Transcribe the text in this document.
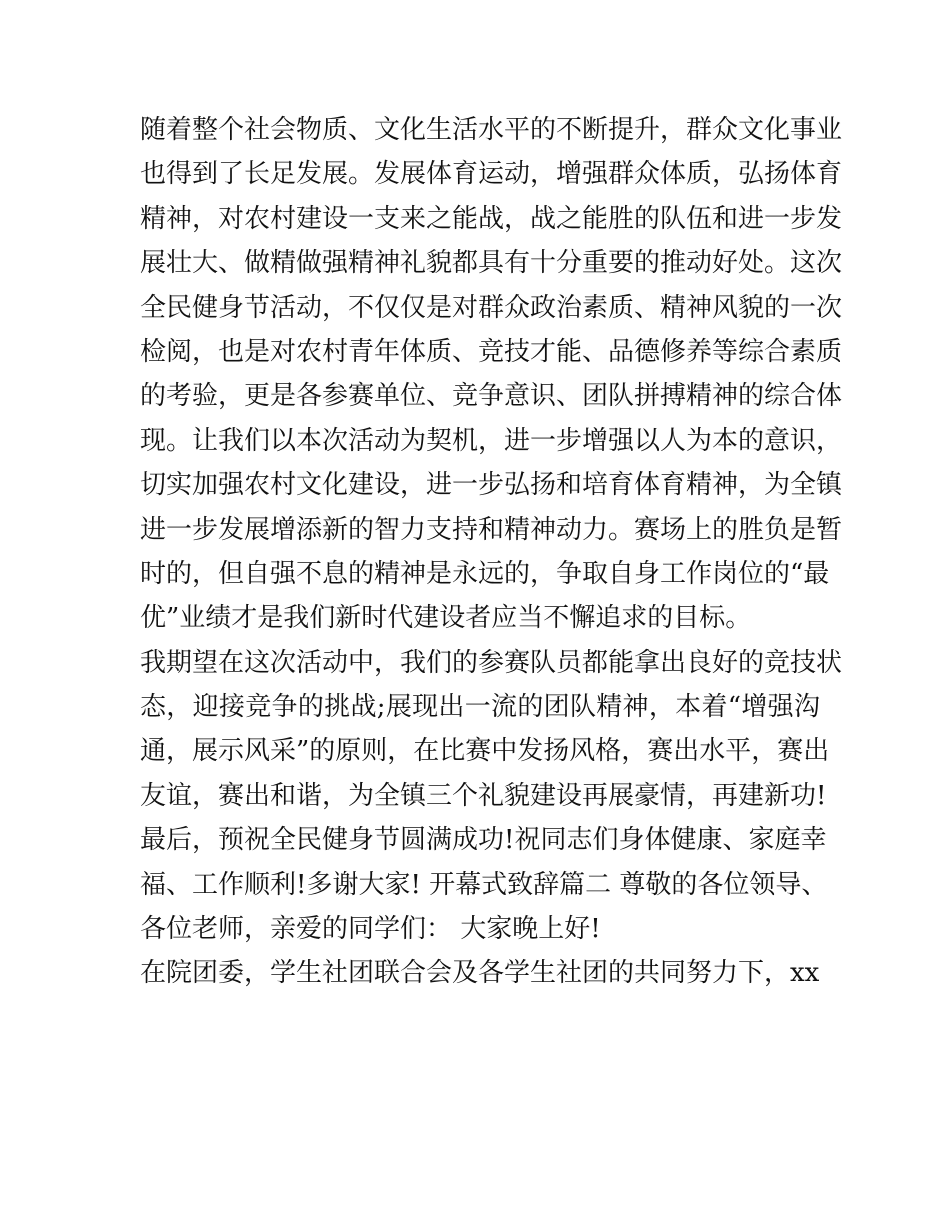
随着整个社会物质、文化生活水平的不断提升，群众文化事业
也得到了长足发展。发展体育运动，增强群众体质，弘扬体育
精神，对农村建设一支来之能战，战之能胜的队伍和进一步发
展壮大、做精做强精神礼貌都具有十分重要的推动好处。这次
全民健身节活动，不仅仅是对群众政治素质、精神风貌的一次
检阅，也是对农村青年体质、竞技才能、品德修养等综合素质
的考验，更是各参赛单位、竞争意识、团队拼搏精神的综合体
现。让我们以本次活动为契机，进一步增强以人为本的意识，
切实加强农村文化建设，进一步弘扬和培育体育精神，为全镇
进一步发展增添新的智力支持和精神动力。赛场上的胜负是暂
时的，但自强不息的精神是永远的，争取自身工作岗位的“最
优”业绩才是我们新时代建设者应当不懈追求的目标。
我期望在这次活动中，我们的参赛队员都能拿出良好的竞技状
态，迎接竞争的挑战;展现出一流的团队精神，本着“增强沟
通，展示风采”的原则，在比赛中发扬风格，赛出水平，赛出
友谊，赛出和谐，为全镇三个礼貌建设再展豪情，再建新功!
最后，预祝全民健身节圆满成功!祝同志们身体健康、家庭幸
福、工作顺利!多谢大家! 开幕式致辞篇二 尊敬的各位领导、
各位老师，亲爱的同学们： 大家晚上好!
在院团委，学生社团联合会及各学生社团的共同努力下，xx
